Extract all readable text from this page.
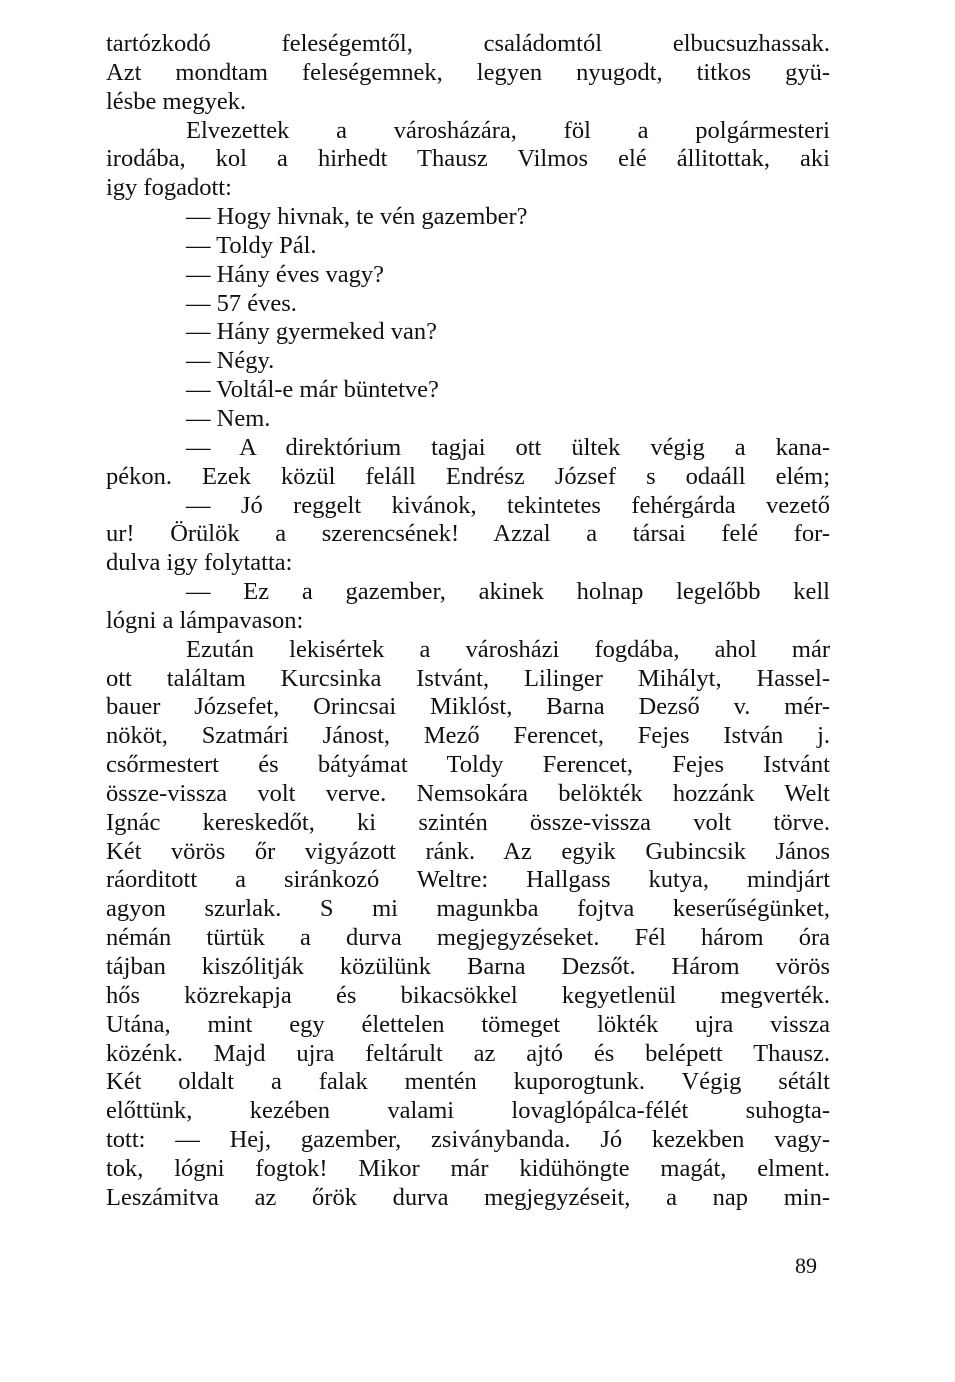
tartózkodó feleségemtől, családomtól elbucsuzhassak.
Azt mondtam feleségemnek, legyen nyugodt, titkos gyü-
lésbe megyek.
Elvezettek a városházára, föl a polgármesteri
irodába, kol a hirhedt Thausz Vilmos elé állitottak, aki
igy fogadott:
— Hogy hivnak, te vén gazember?
— Toldy Pál.
— Hány éves vagy?
— 57 éves.
— Hány gyermeked van?
— Négy.
— Voltál-e már büntetve?
— Nem.
— A direktórium tagjai ott ültek végig a kana-
pékon. Ezek közül feláll Endrész József s odaáll elém;
— Jó reggelt kivánok, tekintetes fehérgárda vezető
ur! Örülök a szerencsének! Azzal a társai felé for-
dulva igy folytatta:
— Ez a gazember, akinek holnap legelőbb kell
lógni a lámpavason:
Ezután lekisértek a városházi fogdába, ahol már
ott találtam Kurcsinka Istvánt, Lilinger Mihályt, Hassel-
bauer Józsefet, Orincsai Miklóst, Barna Dezső v. mér-
nököt, Szatmári Jánost, Mező Ferencet, Fejes István j.
csőrmestert és bátyámat Toldy Ferencet, Fejes Istvánt
össze-vissza volt verve. Nemsokára belökték hozzánk Welt
Ignác kereskedőt, ki szintén össze-vissza volt törve.
Két vörös őr vigyázott ránk. Az egyik Gubincsik János
ráorditott a siránkozó Weltre: Hallgass kutya, mindjárt
agyon szurlak. S mi magunkba fojtva keserűségünket,
némán türtük a durva megjegyzéseket. Fél három óra
tájban kiszólitják közülünk Barna Dezsőt. Három vörös
hős közrekapja és bikacsökkel kegyetlenül megverték.
Utána, mint egy élettelen tömeget lökték ujra vissza
közénk. Majd ujra feltárult az ajtó és belépett Thausz.
Két oldalt a falak mentén kuporogtunk. Végig sétált
előttünk, kezében valami lovaglópálca-félét suhogta-
tott: — Hej, gazember, zsiványbanda. Jó kezekben vagy-
tok, lógni fogtok! Mikor már kidühöngte magát, elment.
Leszámitva az őrök durva megjegyzéseit, a nap min-
89
